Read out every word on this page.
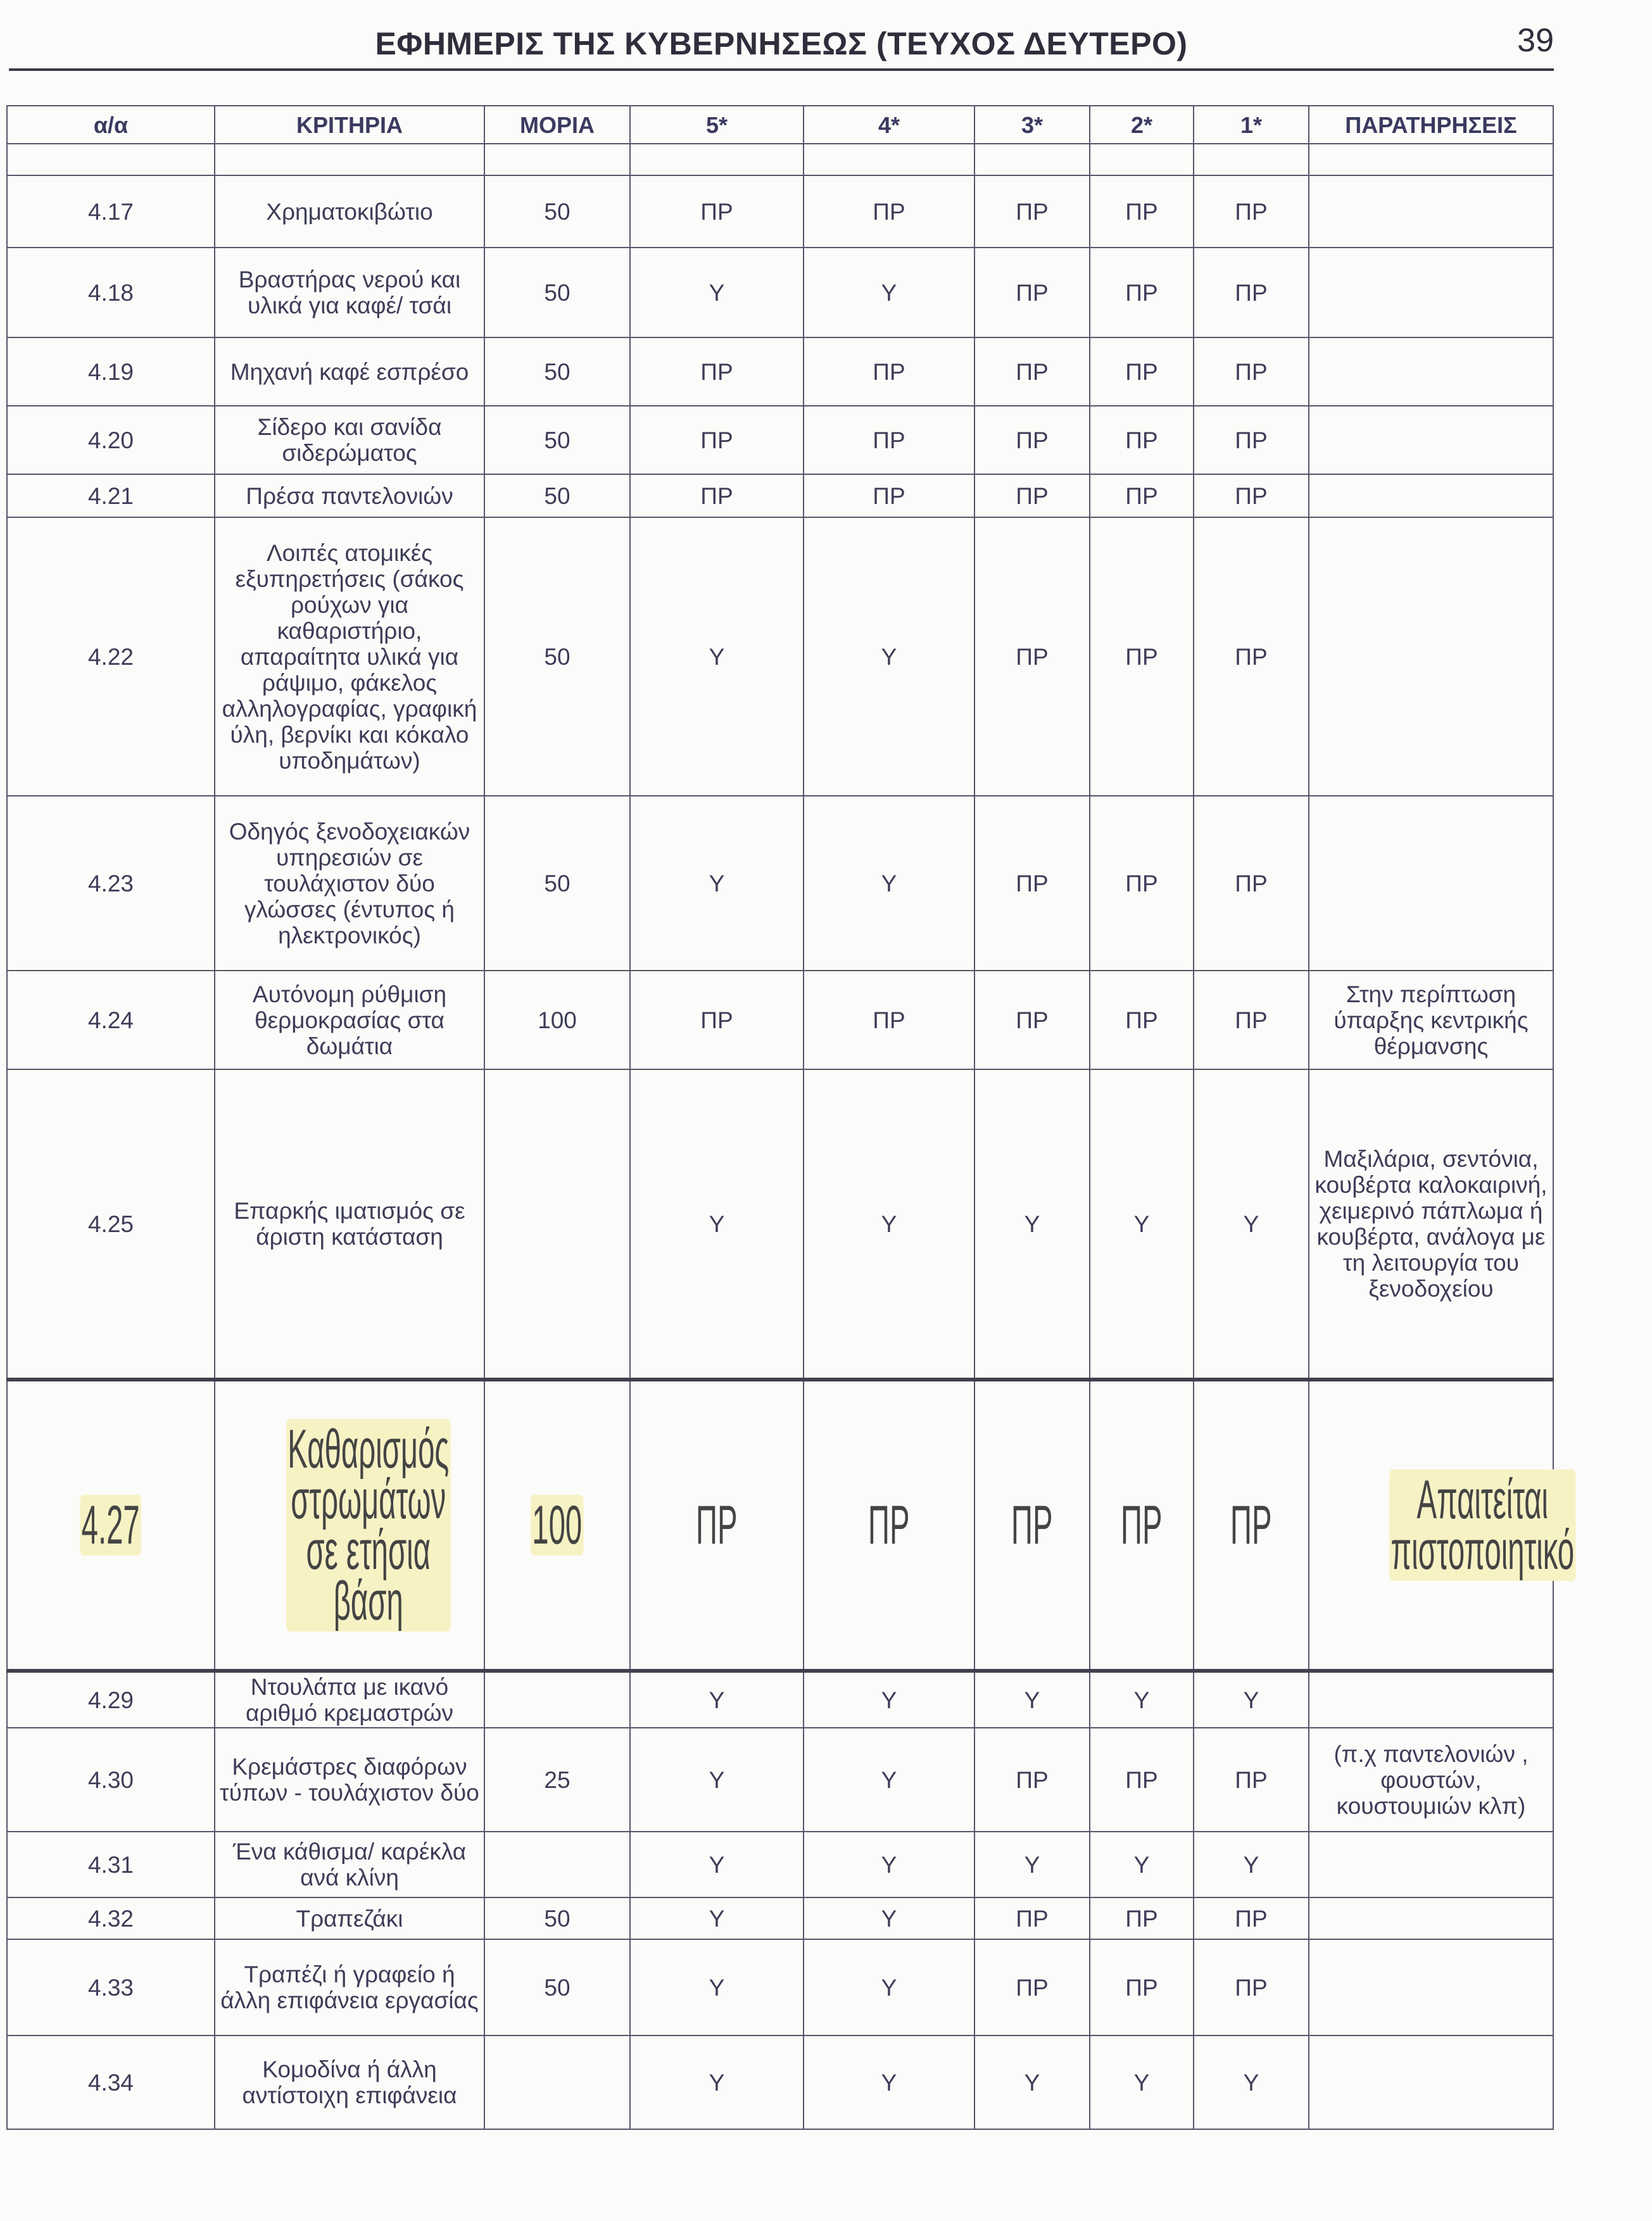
ΕΦΗΜΕΡΙΣ ΤΗΣ ΚΥΒΕΡΝΗΣΕΩΣ (ΤΕΥΧΟΣ ΔΕΥΤΕΡΟ)	39
α/α	ΚΡΙΤΗΡΙΑ	ΜΟΡΙΑ	5*	4*	3*	2*	1*	ΠΑΡΑΤΗΡΗΣΕΙΣ

4.17	Χρηματοκιβώτιο	50	ΠΡ	ΠΡ	ΠΡ	ΠΡ	ΠΡ	
4.18	Βραστήρας νερού και υλικά για καφέ/ τσάι	50	Υ	Υ	ΠΡ	ΠΡ	ΠΡ	
4.19	Μηχανή καφέ εσπρέσο	50	ΠΡ	ΠΡ	ΠΡ	ΠΡ	ΠΡ	
4.20	Σίδερο και σανίδα σιδερώματος	50	ΠΡ	ΠΡ	ΠΡ	ΠΡ	ΠΡ	
4.21	Πρέσα παντελονιών	50	ΠΡ	ΠΡ	ΠΡ	ΠΡ	ΠΡ	
4.22	Λοιπές ατομικές εξυπηρετήσεις (σάκος ρούχων για καθαριστήριο, απαραίτητα υλικά για ράψιμο, φάκελος αλληλογραφίας, γραφική ύλη, βερνίκι και κόκαλο υποδημάτων)	50	Υ	Υ	ΠΡ	ΠΡ	ΠΡ	
4.23	Οδηγός ξενοδοχειακών υπηρεσιών σε τουλάχιστον δύο γλώσσες (έντυπος ή ηλεκτρονικός)	50	Υ	Υ	ΠΡ	ΠΡ	ΠΡ	
4.24	Αυτόνομη ρύθμιση θερμοκρασίας στα δωμάτια	100	ΠΡ	ΠΡ	ΠΡ	ΠΡ	ΠΡ	Στην περίπτωση ύπαρξης κεντρικής θέρμανσης
4.25	Επαρκής ιματισμός σε άριστη κατάσταση		Υ	Υ	Υ	Υ	Υ	Μαξιλάρια, σεντόνια, κουβέρτα καλοκαιρινή, χειμερινό πάπλωμα ή κουβέρτα, ανάλογα με τη λειτουργία του ξενοδοχείου
4.27	Καθαρισμός στρωμάτων σε ετήσια βάση	100	ΠΡ	ΠΡ	ΠΡ	ΠΡ	ΠΡ	Απαιτείται πιστοποιητικό
4.29	Ντουλάπα με ικανό αριθμό κρεμαστρών		Υ	Υ	Υ	Υ	Υ	
4.30	Κρεμάστρες διαφόρων τύπων - τουλάχιστον δύο	25	Υ	Υ	ΠΡ	ΠΡ	ΠΡ	(π.χ παντελονιών , φουστών, κουστουμιών κλπ)
4.31	Ένα κάθισμα/ καρέκλα ανά κλίνη		Υ	Υ	Υ	Υ	Υ	
4.32	Τραπεζάκι	50	Υ	Υ	ΠΡ	ΠΡ	ΠΡ	
4.33	Τραπέζι ή γραφείο ή άλλη επιφάνεια εργασίας	50	Υ	Υ	ΠΡ	ΠΡ	ΠΡ	
4.34	Κομοδίνα ή άλλη αντίστοιχη επιφάνεια		Υ	Υ	Υ	Υ	Υ	
